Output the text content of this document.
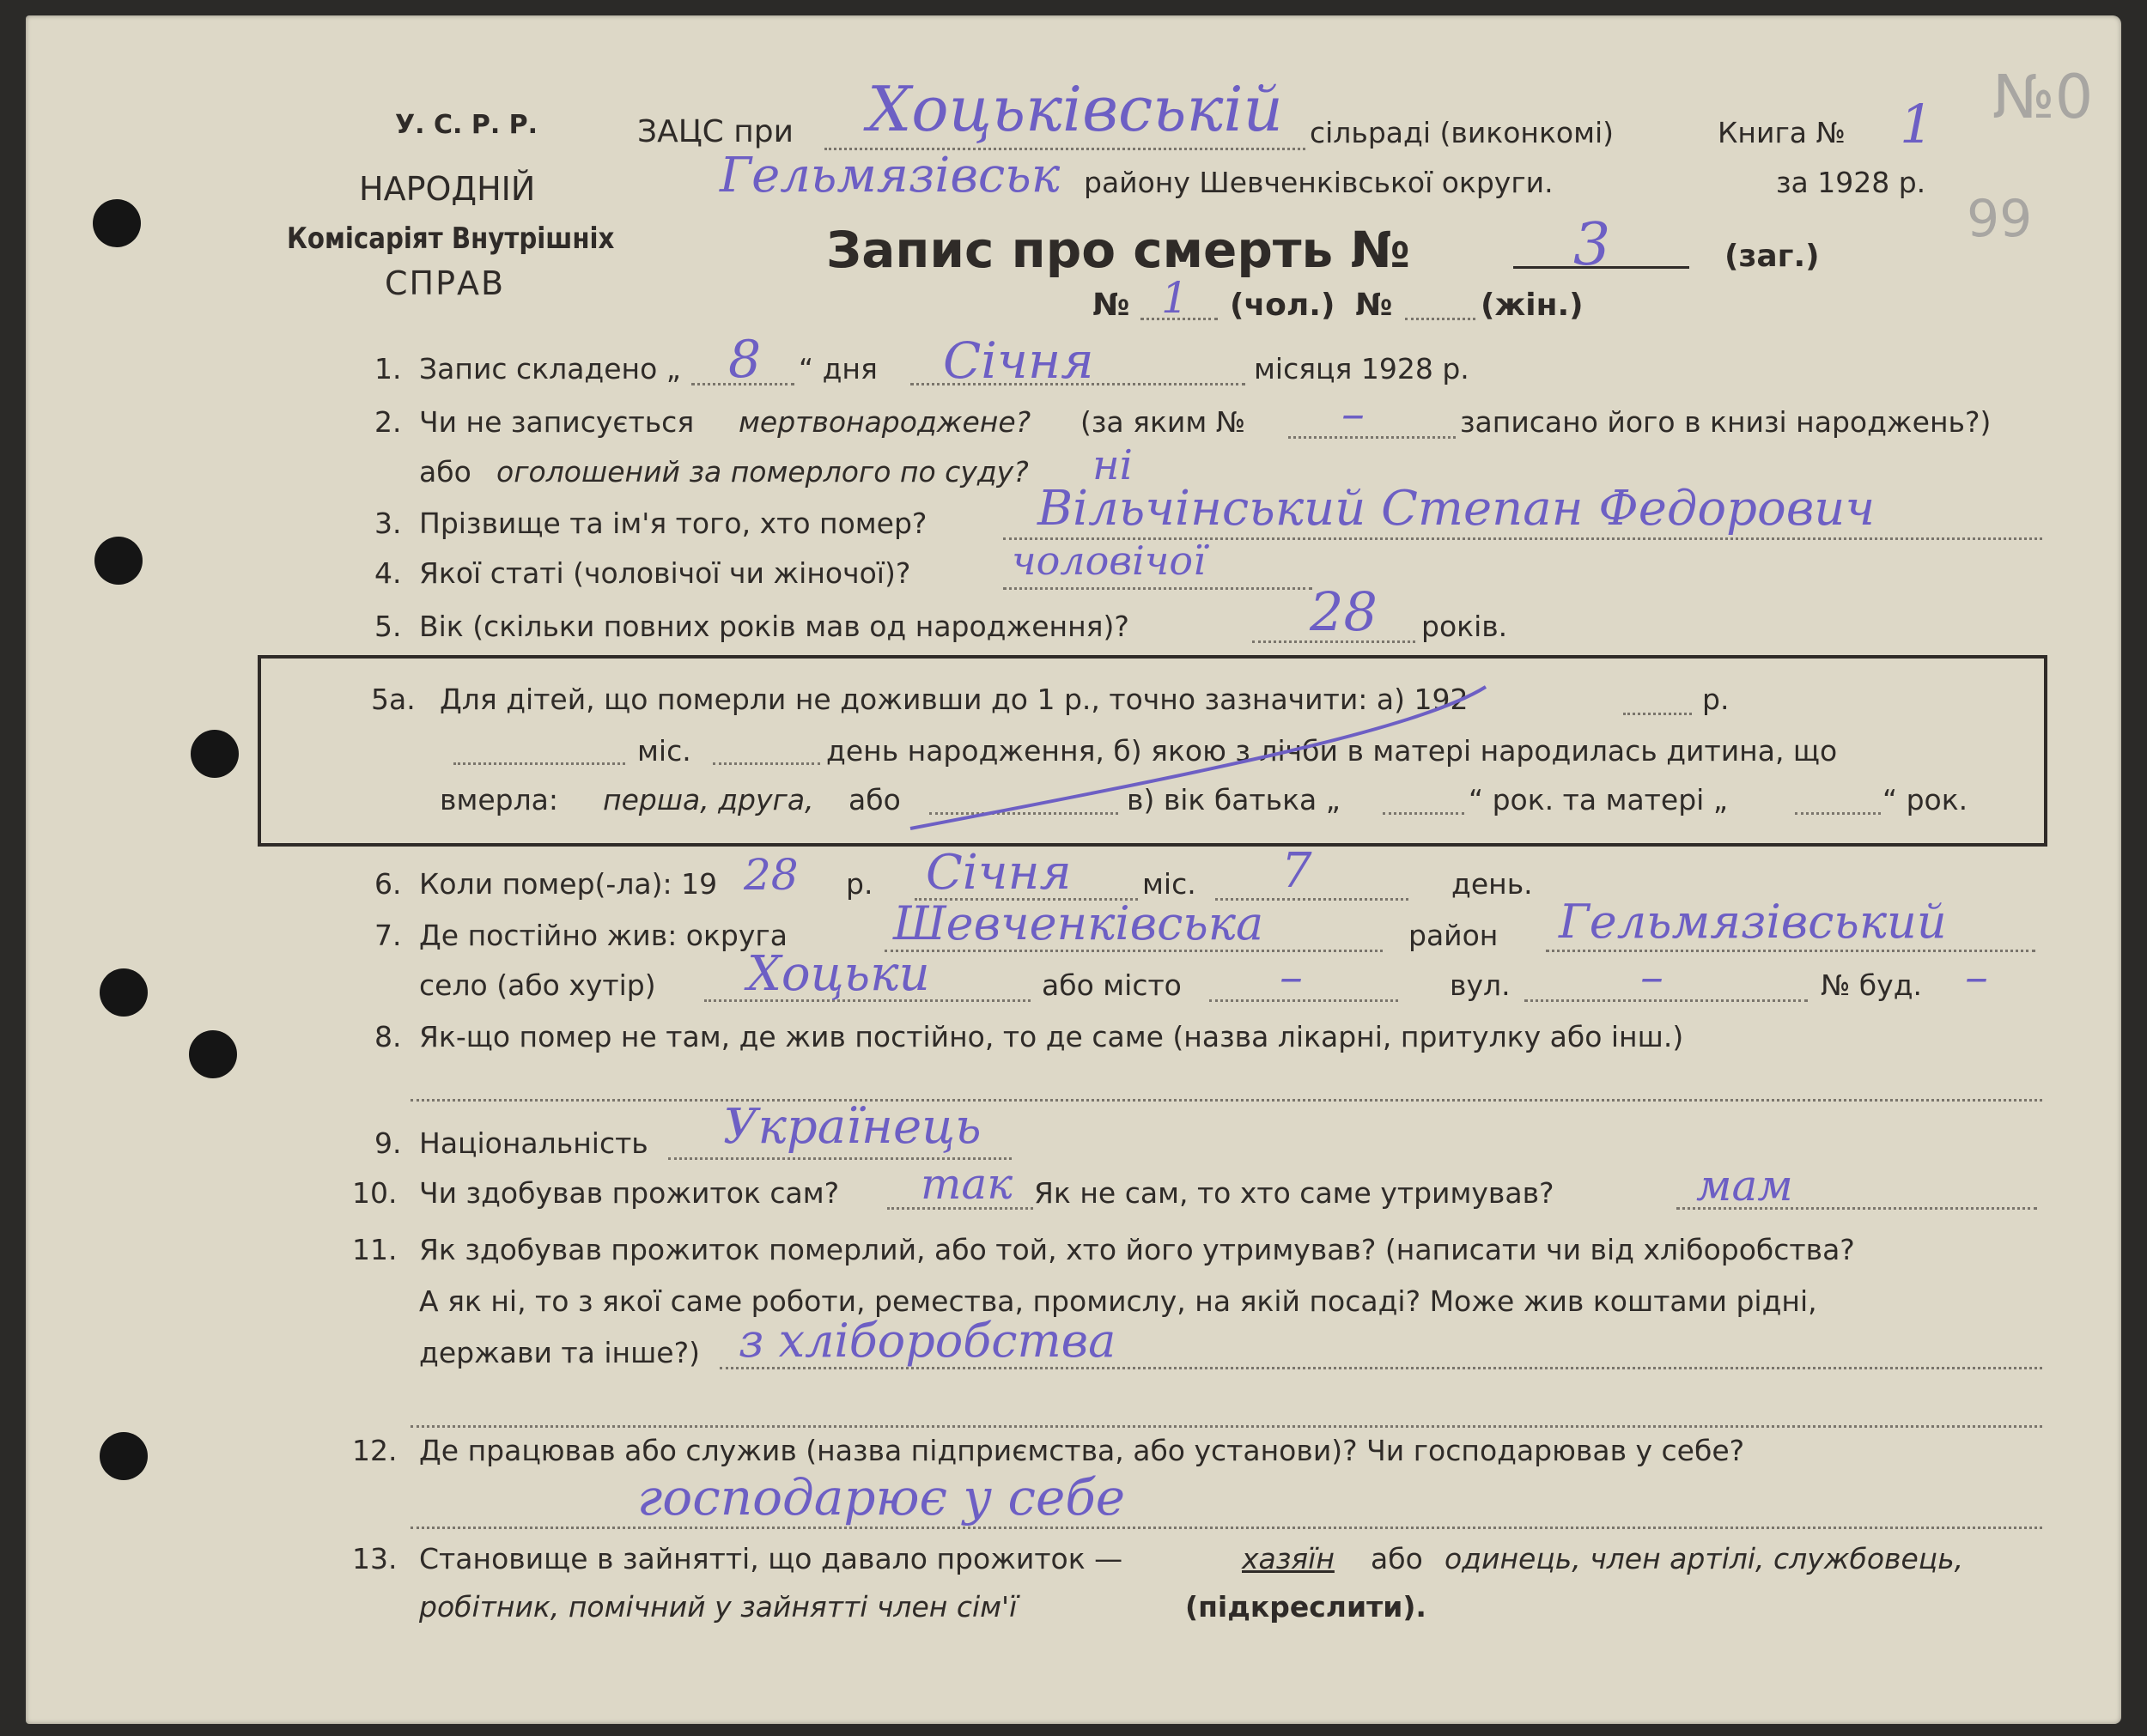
У. С. Р. Р.
НАРОДНІЙ
Комісаріят Внутрішніх
СПРАВ
ЗАЦС при Хоцьківській сільраді (виконкомі)	Книга № 1 №0
99
Гельмязівськ району Шевченківської округи.	за 1928 р.
Запис про смерть №	3	(заг.)
№ 1 (чол.) №	(жін.)
1. Запис складено „ 8 “ дня Січня	місяця 1928 р.
2. Чи не записується мертвонароджене? (за яким № –	записано його в книзі народжень?)
або оголошений за померлого по суду? ні
3. Прізвище та ім'я того, хто помер? Вільчінський Степан Федорович
4. Якої статі (чоловічої чи жіночої)?	чоловічої
5. Вік (скільки повних років мав од народження)?	28 років.
5а. Для дітей, що померли не доживши до 1 р., точно зазначити: а) 192	р.
міс.	день народження, б) якою з лічби в матері народилась дитина, що
вмерла: перша, друга, або	в) вік батька „	“ рок. та матері „	“ рок.
6. Коли помер(-ла): 19 28 р. Січня міс. 7	день.
7. Де постійно жив: округа Шевченківська	район Гельмязівський
село (або хутір) Хоцьки	або місто –	вул.	–	№ буд. –
8. Як-що помер не там, де жив постійно, то де саме (назва лікарні, притулку або інш.)
9. Національність Українець
10. Чи здобував прожиток сам? так Як не сам, то хто саме утримував?	мам
11. Як здобував прожиток померлий, або той, хто його утримував? (написати чи від хліборобства?
А як ні, то з якої саме роботи, ремества, промислу, на якій посаді? Може жив коштами рідні,
держави та інше?) з хліборобства
12. Де працював або служив (назва підприємства, або установи)? Чи господарював у себе?
господарює у себе
13. Становище в зайнятті, що давало прожиток —	хазяїн або одинець, член артілі, службовець,
робітник, помічний у зайнятті член сім'ї	(підкреслити).
